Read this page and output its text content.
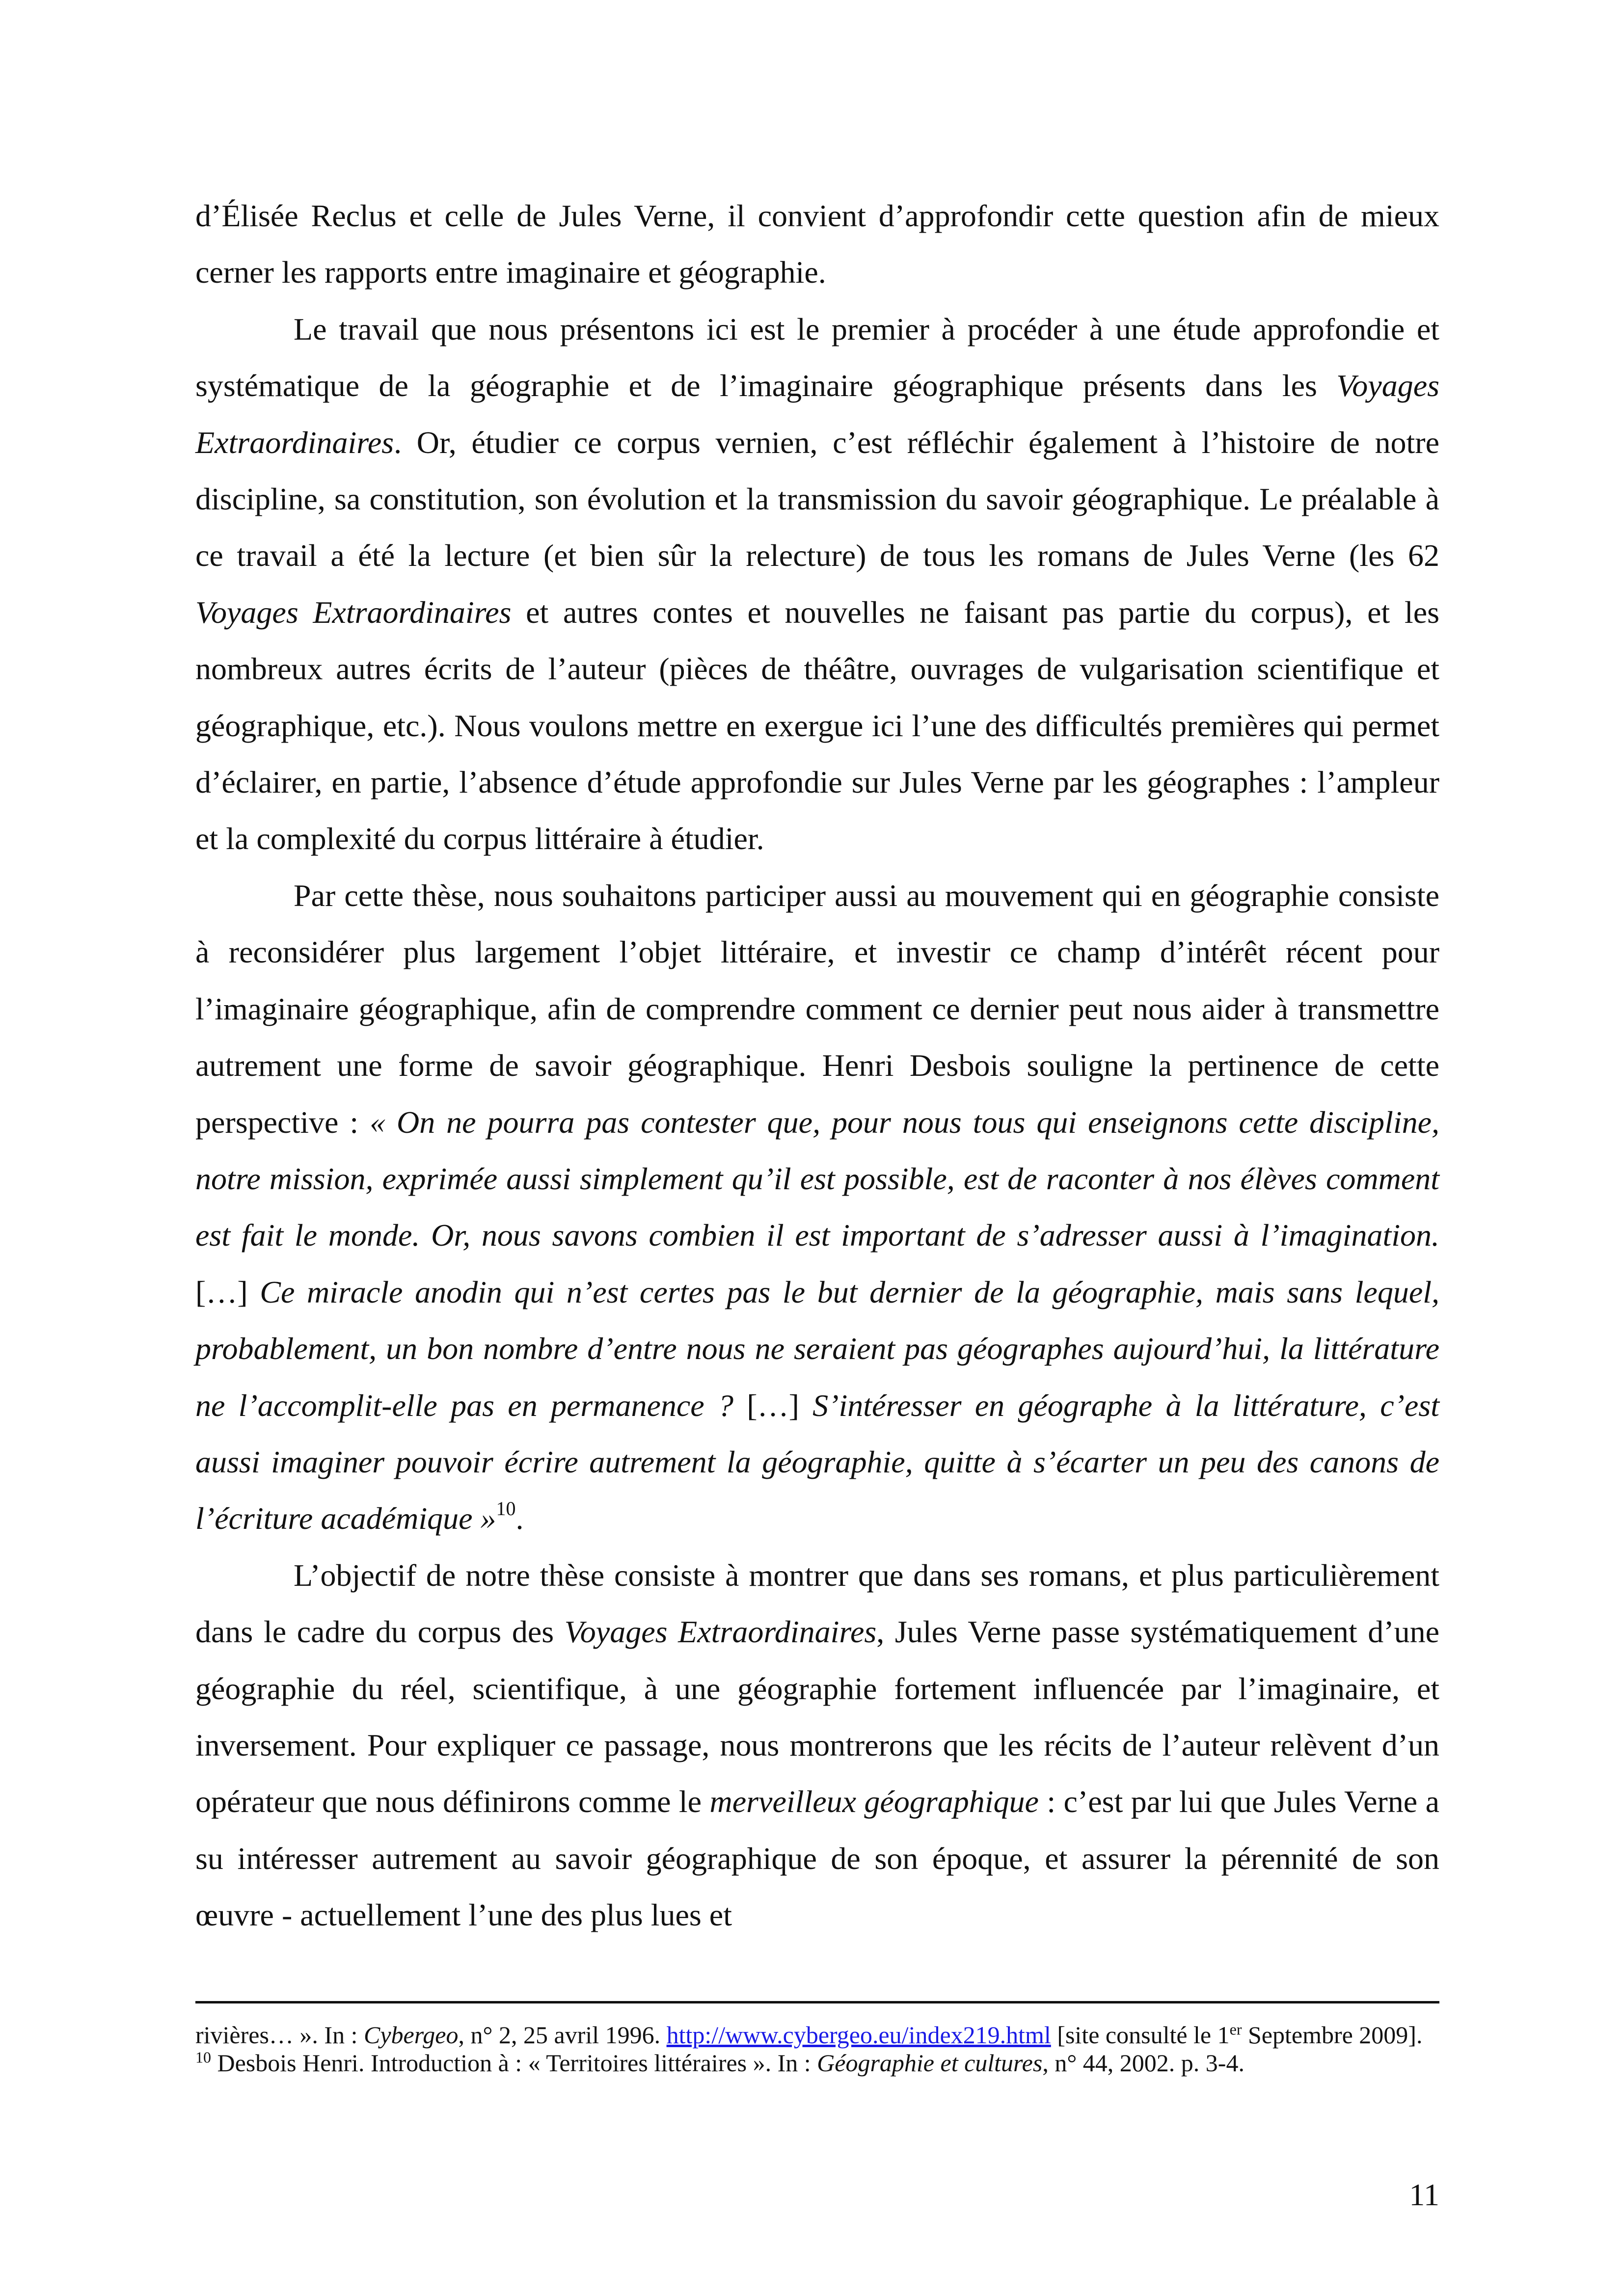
d’Élisée Reclus et celle de Jules Verne, il convient d’approfondir cette question afin de mieux cerner les rapports entre imaginaire et géographie.

Le travail que nous présentons ici est le premier à procéder à une étude approfondie et systématique de la géographie et de l’imaginaire géographique présents dans les Voyages Extraordinaires. Or, étudier ce corpus vernien, c’est réfléchir également à l’histoire de notre discipline, sa constitution, son évolution et la transmission du savoir géographique. Le préalable à ce travail a été la lecture (et bien sûr la relecture) de tous les romans de Jules Verne (les 62 Voyages Extraordinaires et autres contes et nouvelles ne faisant pas partie du corpus), et les nombreux autres écrits de l’auteur (pièces de théâtre, ouvrages de vulgarisation scientifique et géographique, etc.). Nous voulons mettre en exergue ici l’une des difficultés premières qui permet d’éclairer, en partie, l’absence d’étude approfondie sur Jules Verne par les géographes : l’ampleur et la complexité du corpus littéraire à étudier.

Par cette thèse, nous souhaitons participer aussi au mouvement qui en géographie consiste à reconsidérer plus largement l’objet littéraire, et investir ce champ d’intérêt récent pour l’imaginaire géographique, afin de comprendre comment ce dernier peut nous aider à transmettre autrement une forme de savoir géographique. Henri Desbois souligne la pertinence de cette perspective : « On ne pourra pas contester que, pour nous tous qui enseignons cette discipline, notre mission, exprimée aussi simplement qu’il est possible, est de raconter à nos élèves comment est fait le monde. Or, nous savons combien il est important de s’adresser aussi à l’imagination. […] Ce miracle anodin qui n’est certes pas le but dernier de la géographie, mais sans lequel, probablement, un bon nombre d’entre nous ne seraient pas géographes aujourd’hui, la littérature ne l’accomplit-elle pas en permanence ? […] S’intéresser en géographe à la littérature, c’est aussi imaginer pouvoir écrire autrement la géographie, quitte à s’écarter un peu des canons de l’écriture académique »$^{10}$.

L’objectif de notre thèse consiste à montrer que dans ses romans, et plus particulièrement dans le cadre du corpus des Voyages Extraordinaires, Jules Verne passe systématiquement d’une géographie du réel, scientifique, à une géographie fortement influencée par l’imaginaire, et inversement. Pour expliquer ce passage, nous montrerons que les récits de l’auteur relèvent d’un opérateur que nous définirons comme le merveilleux géographique : c’est par lui que Jules Verne a su intéresser autrement au savoir géographique de son époque, et assurer la pérennité de son œuvre - actuellement l’une des plus lues et

rivières… ». In : Cybergeo, n° 2, 25 avril 1996. http://www.cybergeo.eu/index219.html [site consulté le 1er Septembre 2009].

$^{10}$ Desbois Henri. Introduction à : « Territoires littéraires ». In : Géographie et cultures, n° 44, 2002. p. 3-4.

11
